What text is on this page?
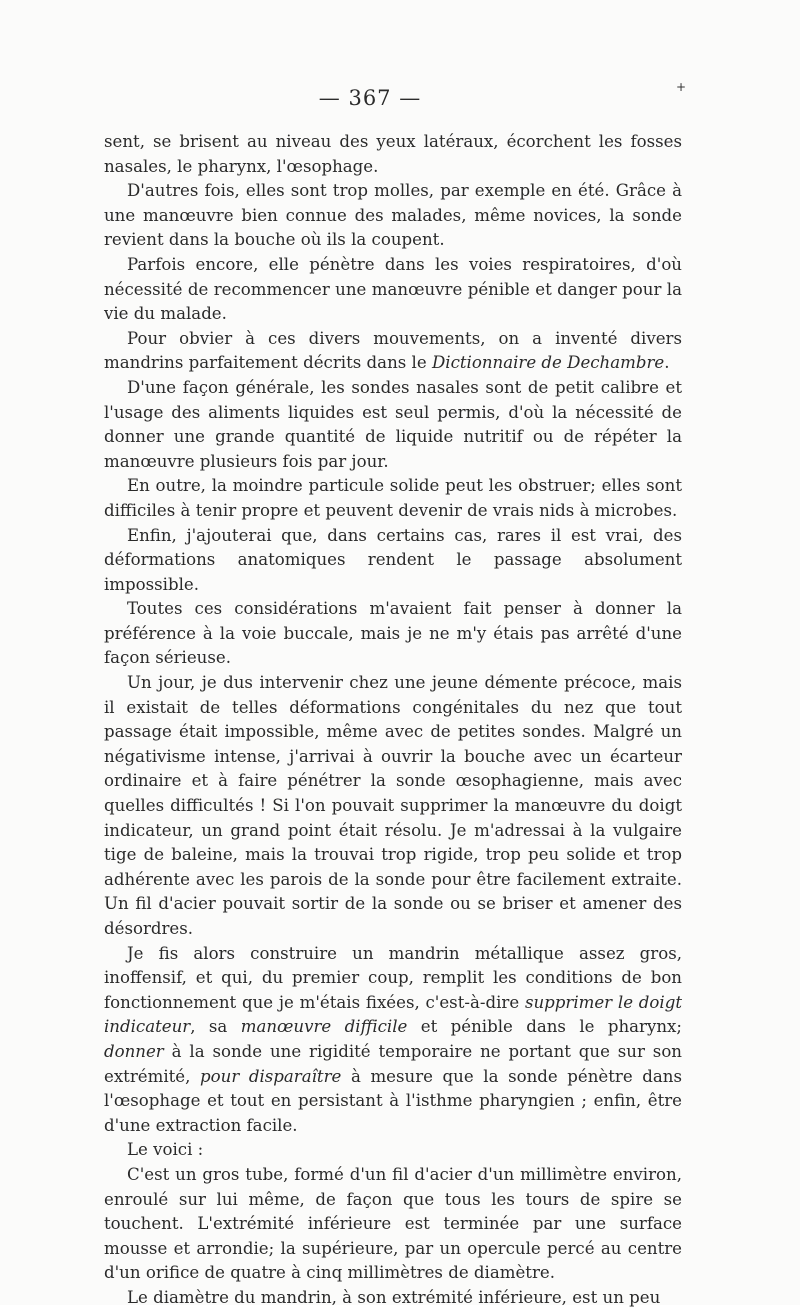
+
— 367 —

sent, se brisent au niveau des yeux latéraux, écorchent les fosses nasales, le pharynx, l'œsophage.

D'autres fois, elles sont trop molles, par exemple en été. Grâce à une manœuvre bien connue des malades, même novices, la sonde revient dans la bouche où ils la coupent.

Parfois encore, elle pénètre dans les voies respiratoires, d'où nécessité de recommencer une manœuvre pénible et danger pour la vie du malade.

Pour obvier à ces divers mouvements, on a inventé divers mandrins parfaitement décrits dans le Dictionnaire de Dechambre.

D'une façon générale, les sondes nasales sont de petit calibre et l'usage des aliments liquides est seul permis, d'où la nécessité de donner une grande quantité de liquide nutritif ou de répéter la manœuvre plusieurs fois par jour.

En outre, la moindre particule solide peut les obstruer; elles sont difficiles à tenir propre et peuvent devenir de vrais nids à microbes.

Enfin, j'ajouterai que, dans certains cas, rares il est vrai, des déformations anatomiques rendent le passage absolument impossible.

Toutes ces considérations m'avaient fait penser à donner la préférence à la voie buccale, mais je ne m'y étais pas arrêté d'une façon sérieuse.

Un jour, je dus intervenir chez une jeune démente précoce, mais il existait de telles déformations congénitales du nez que tout passage était impossible, même avec de petites sondes. Malgré un négativisme intense, j'arrivai à ouvrir la bouche avec un écarteur ordinaire et à faire pénétrer la sonde œsophagienne, mais avec quelles difficultés ! Si l'on pouvait supprimer la manœuvre du doigt indicateur, un grand point était résolu. Je m'adressai à la vulgaire tige de baleine, mais la trouvai trop rigide, trop peu solide et trop adhérente avec les parois de la sonde pour être facilement extraite. Un fil d'acier pouvait sortir de la sonde ou se briser et amener des désordres.

Je fis alors construire un mandrin métallique assez gros, inoffensif, et qui, du premier coup, remplit les conditions de bon fonctionnement que je m'étais fixées, c'est-à-dire supprimer le doigt indicateur, sa manœuvre difficile et pénible dans le pharynx; donner à la sonde une rigidité temporaire ne portant que sur son extrémité, pour disparaître à mesure que la sonde pénètre dans l'œsophage et tout en persistant à l'isthme pharyngien ; enfin, être d'une extraction facile.

Le voici :

C'est un gros tube, formé d'un fil d'acier d'un millimètre environ, enroulé sur lui même, de façon que tous les tours de spire se touchent. L'extrémité inférieure est terminée par une surface mousse et arrondie; la supérieure, par un opercule percé au centre d'un orifice de quatre à cinq millimètres de diamètre.

Le diamètre du mandrin, à son extrémité inférieure, est un peu
